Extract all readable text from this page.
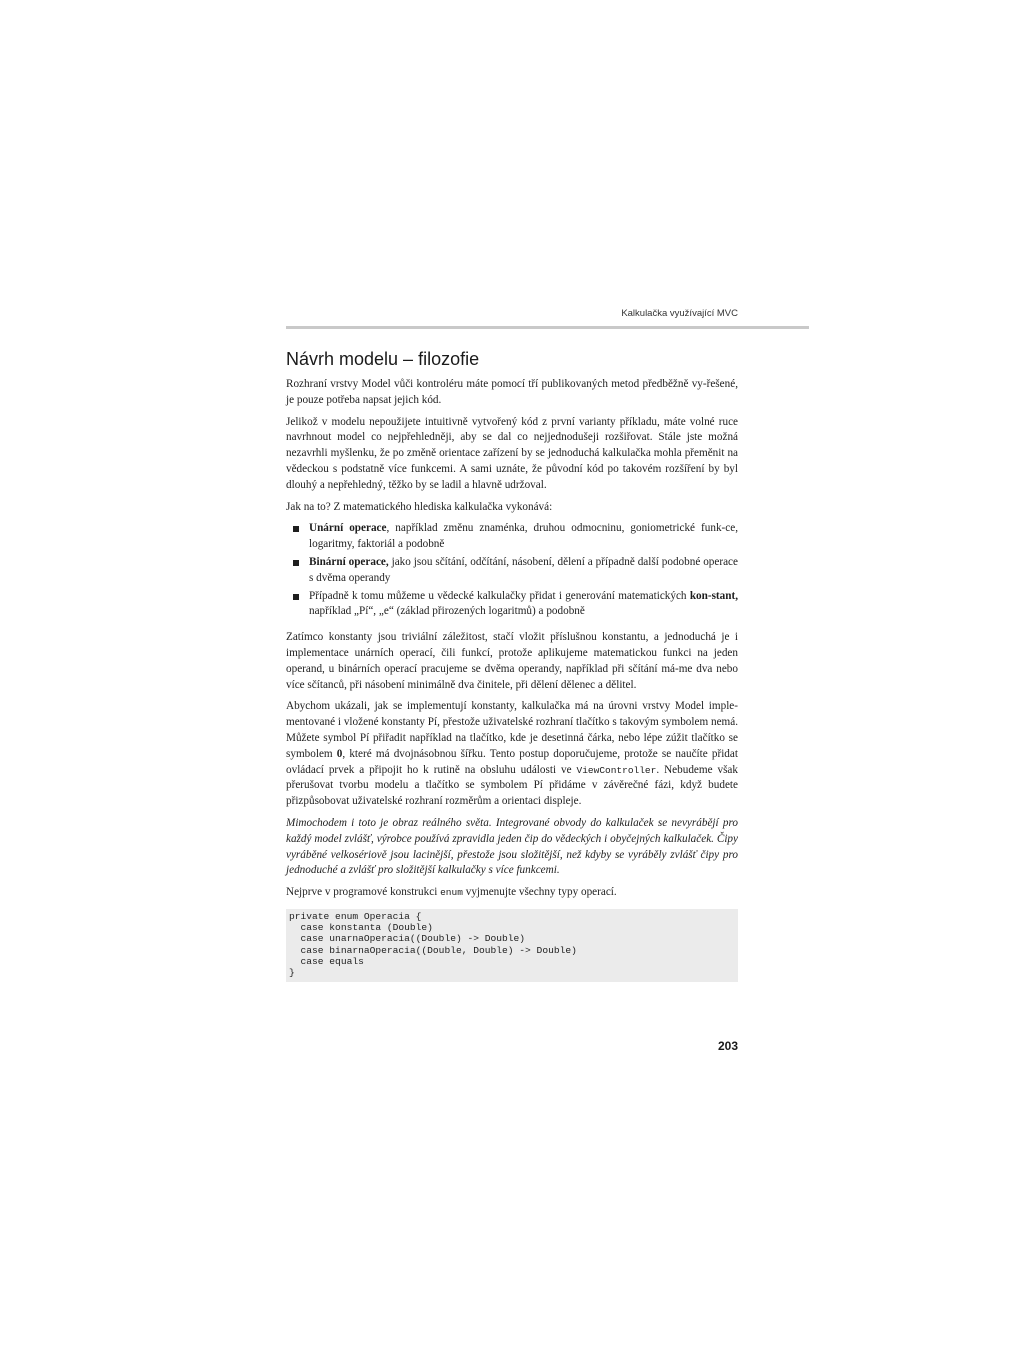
Kalkulačka využívající MVC
Návrh modelu – filozofie

Rozhraní vrstvy Model vůči kontroléru máte pomocí tří publikovaných metod předběžně vy-řešené, je pouze potřeba napsat jejich kód.

Jelikož v modelu nepoužijete intuitivně vytvořený kód z první varianty příkladu, máte volné ruce navrhnout model co nejpřehledněji, aby se dal co nejjednodušeji rozšiřovat. Stále jste možná nezavrhli myšlenku, že po změně orientace zařízení by se jednoduchá kalkulačka mohla přeměnit na vědeckou s podstatně více funkcemi. A sami uznáte, že původní kód po takovém rozšíření by byl dlouhý a nepřehledný, těžko by se ladil a hlavně udržoval.

Jak na to? Z matematického hlediska kalkulačka vykonává:

Unární operace, například změnu znaménka, druhou odmocninu, goniometrické funk-ce, logaritmy, faktoriál a podobně
Binární operace, jako jsou sčítání, odčítání, násobení, dělení a případně další podobné operace s dvěma operandy
Případně k tomu můžeme u vědecké kalkulačky přidat i generování matematických kon-stant, například „Pí“, „e“ (základ přirozených logaritmů) a podobně

Zatímco konstanty jsou triviální záležitost, stačí vložit příslušnou konstantu, a jednoduchá je i implementace unárních operací, čili funkcí, protože aplikujeme matematickou funkci na jeden operand, u binárních operací pracujeme se dvěma operandy, například při sčítání má-me dva nebo více sčítanců, při násobení minimálně dva činitele, při dělení dělenec a dělitel.

Abychom ukázali, jak se implementují konstanty, kalkulačka má na úrovni vrstvy Model imple-mentované i vložené konstanty Pí, přestože uživatelské rozhraní tlačítko s takovým symbolem nemá. Můžete symbol Pí přiřadit například na tlačítko, kde je desetinná čárka, nebo lépe zúžit tlačítko se symbolem 0, které má dvojnásobnou šířku. Tento postup doporučujeme, protože se naučíte přidat ovládací prvek a připojit ho k rutině na obsluhu události ve ViewController. Nebudeme však přerušovat tvorbu modelu a tlačítko se symbolem Pí přidáme v závěrečné fázi, když budete přizpůsobovat uživatelské rozhraní rozměrům a orientaci displeje.

Mimochodem i toto je obraz reálného světa. Integrované obvody do kalkulaček se nevyrábějí pro každý model zvlášť, výrobce používá zpravidla jeden čip do vědeckých i obyčejných kalkulaček. Čipy vyráběné velkosériově jsou lacinější, přestože jsou složitější, než kdyby se vyráběly zvlášť čipy pro jednoduché a zvlášť pro složitější kalkulačky s více funkcemi.

Nejprve v programové konstrukci enum vyjmenujte všechny typy operací.

private enum Operacia {
case konstanta (Double)
case unarnaOperacia((Double) -> Double)
case binarnaOperacia((Double, Double) -> Double)
case equals
}
203
